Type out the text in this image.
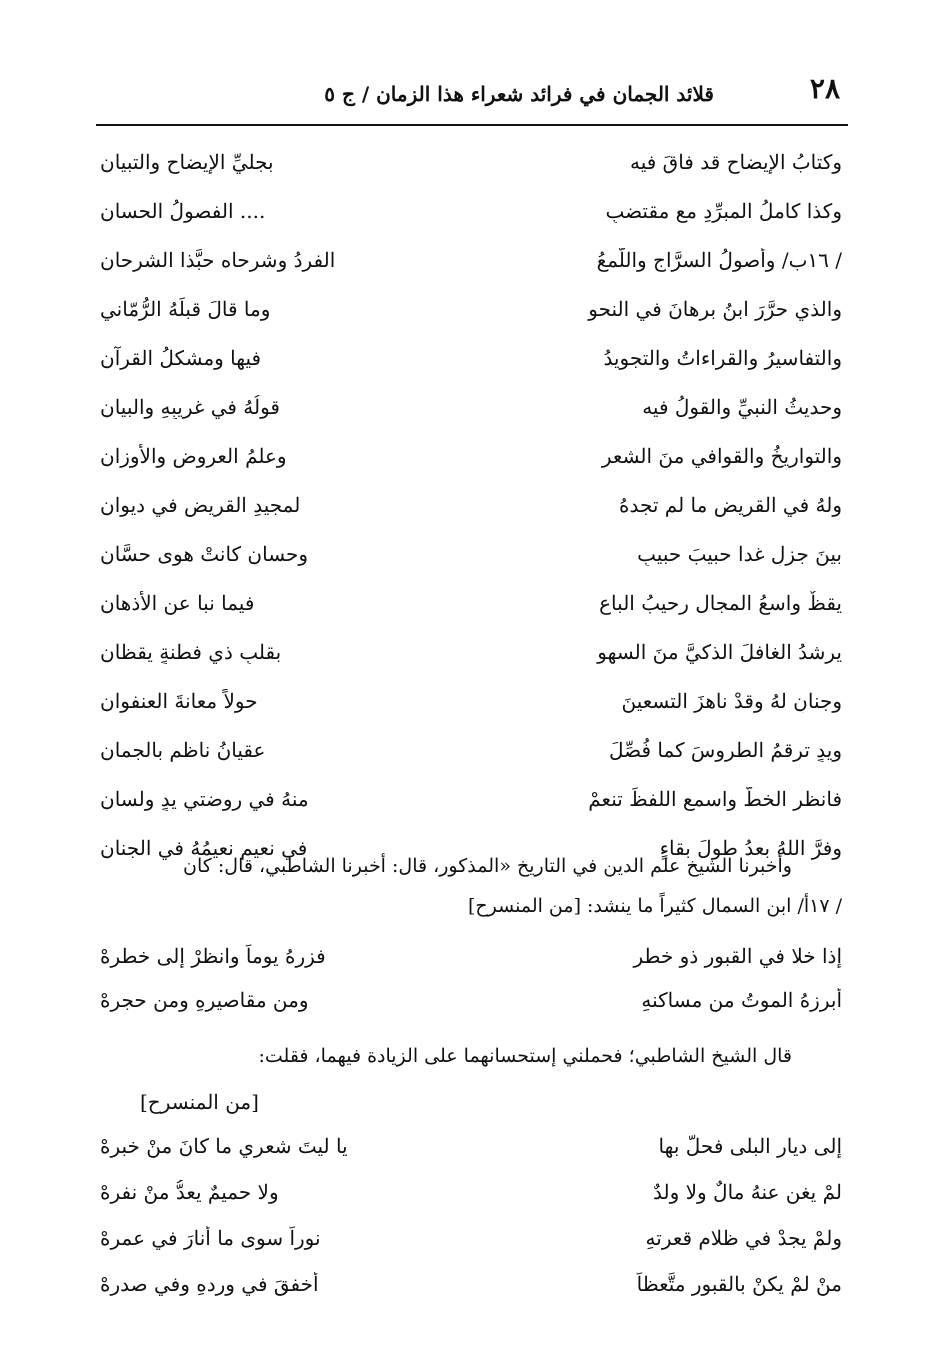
٢٨
قلائد الجمان في فرائد شعراء هذا الزمان / ج ٥
وكتابُ الإيضاحِ قد فاقَ فيه
بجليِّ الإيضاحِ والتبيانِ
وكذا كاملُ المبرِّدِ مع مقتضبٍ
.... الفصولُ الحسانِ
/ ١٦ب/ وأصولُ السرَّاجِ واللُّمعُ
الفردُ وشرحاه حبَّذا الشرحانِ
والذي حرَّرَ ابنُ برهانَ في النحوِ
وما قالَ قبلَهُ الرُّمّاني
والتفاسيرُ والقراءاتُ والتجويدُ
فيها ومشكلُ القرآنِ
وحديثُ النبيِّ والقولُ فيه
قولُهُ في غريبِهِ والبيانِ
والتواريخُ والقوافي منَ الشعرِ
وعلمُ العروضِ والأوزانِ
ولهُ في القريضِ ما لم تجدهُ
لمجيدِ القريضِ في ديوانِ
بينَ جزلٍ غدا حبيبَ حبيبٍ
وحسانٍ كانتْ هوى حسَّانِ
يقظٌ واسعُ المجالِ رحيبُ الباعِ
فيما نبا عنِ الأذهانِ
يرشدُ الغافلَ الذكيَّ منَ السهوِ
بقلبٍ ذي فطنةٍ يقظانِ
وجنانٍ لهُ وقدْ ناهزَ التسعينَ
حولاً معانةَ العنفوانِ
ويدٍ ترقمُ الطروسَ كما فُصِّلَ
عقيانُ ناظمٍ بالجمانِ
فانظرِ الخطَّ واسمعِ اللفظَ تنعمْ
منهُ في روضتي يدٍ ولسانِ
وفرَّ اللهُ بعدُ طولَ بقاءٍ
في نعيمٍ نعيمُهُ في الجنانِ

وأخبرنا الشيخ علم الدين في التاريخ «المذكور، قال: أخبرنا الشاطبي، قال: كان

/ ١٧أ/ ابن السمال كثيراً ما ينشد: [من المنسرح]

إذا خلا في القبورِ ذو خطرٍ
فزرهُ يوماً وانظرْ إلى خطرهْ
أبرزهُ الموتُ من مساكنهِ
ومن مقاصيرهِ ومن حجرهْ

قال الشيخ الشاطبي؛ فحملني إستحسانهما على الزيادة فيهما، فقلت:

[من المنسرح]
إلى ديارِ البلى فحلَّ بها
يا ليتَ شعري ما كانَ منْ خبرهْ
لمْ يغنِ عنهُ مالٌ ولا ولدٌ
ولا حميمٌ يعدُّ منْ نفرهْ
ولمْ يجدْ في ظلامِ قعرتهِ
نوراً سوى ما أنارَ في عمرهْ
منْ لمْ يكنْ بالقبورِ متَّعظاً
أخفقَ في وردهِ وفي صدرهْ
